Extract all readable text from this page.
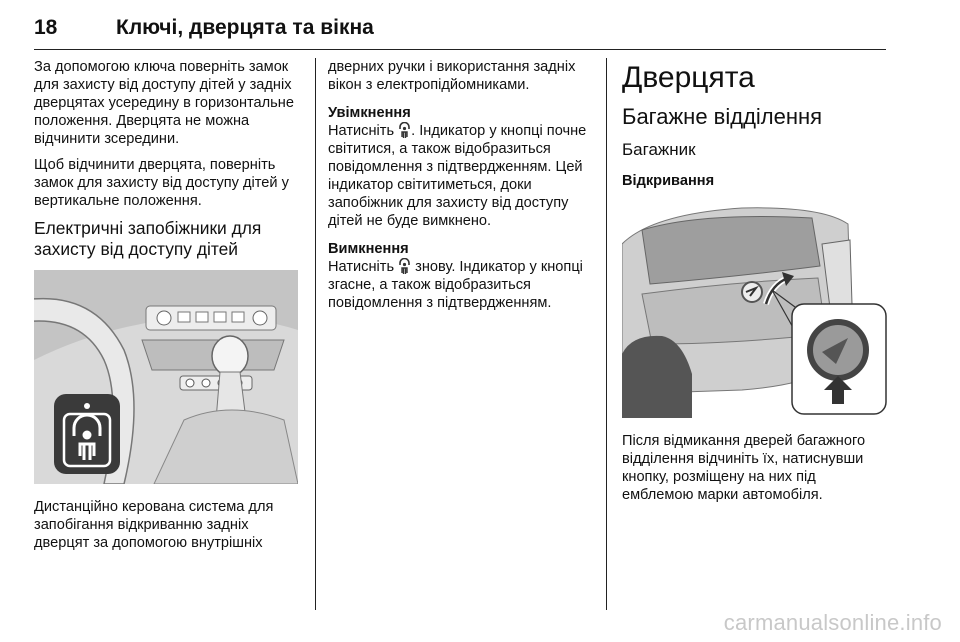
18	Ключі, дверцята та вікна

За допомогою ключа поверніть замок для захисту від доступу дітей у задніх дверцятах усередину в горизонтальне положення. Дверцята не можна відчинити зсередини.

Щоб відчинити дверцята, поверніть замок для захисту від доступу дітей у вертикальне положення.

Електричні запобіжники для захисту від доступу дітей

Дистанційно керована система для запобігання відкриванню задніх дверцят за допомогою внутрішніх

дверних ручки і використання задніх вікон з електропідйомниками.

Увімкнення

Натисніть . Індикатор у кнопці почне світитися, а також відобразиться повідомлення з підтвердженням. Цей індикатор світитиметься, доки запобіжник для захисту від доступу дітей не буде вимкнено.

Вимкнення

Натисніть  знову. Індикатор у кнопці згасне, а також відобразиться повідомлення з підтвердженням.

Дверцята
Багажне відділення
Багажник
Відкривання

Після відмикання дверей багажного відділення відчиніть їх, натиснувши кнопку, розміщену на них під емблемою марки автомобіля.

carmanualsonline.info
